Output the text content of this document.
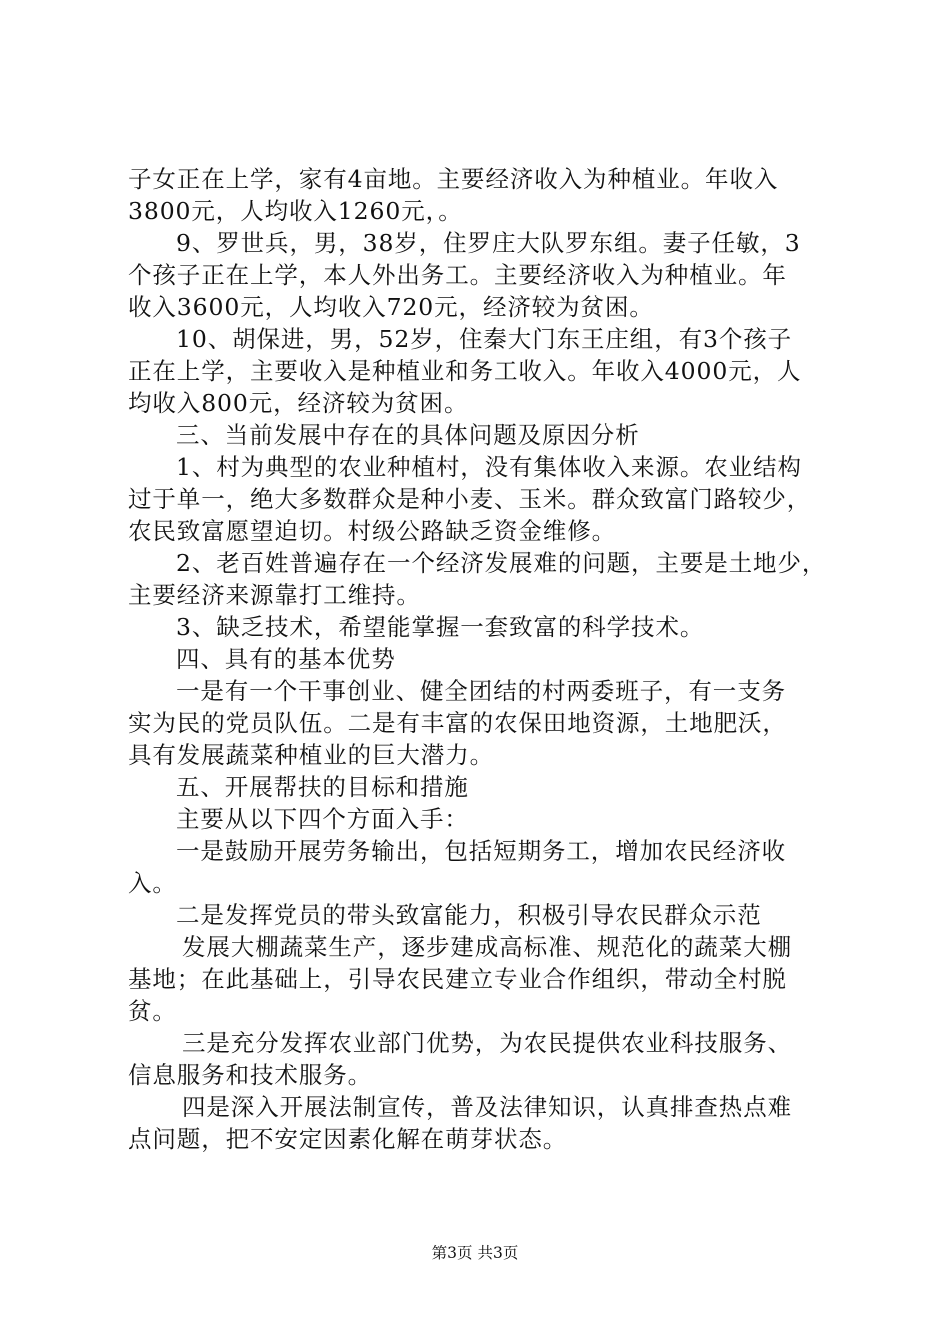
子女正在上学，家有4亩地。主要经济收入为种植业。年收入
3800元，人均收入1260元，。
9、罗世兵，男，38岁，住罗庄大队罗东组。妻子任敏，3
个孩子正在上学，本人外出务工。主要经济收入为种植业。年
收入3600元，人均收入720元，经济较为贫困。
10、胡保进，男，52岁，住秦大门东王庄组，有3个孩子
正在上学，主要收入是种植业和务工收入。年收入4000元，人
均收入800元，经济较为贫困。
三、当前发展中存在的具体问题及原因分析
1、村为典型的农业种植村，没有集体收入来源。农业结构
过于单一，绝大多数群众是种小麦、玉米。群众致富门路较少，
农民致富愿望迫切。村级公路缺乏资金维修。
2、老百姓普遍存在一个经济发展难的问题，主要是土地少，
主要经济来源靠打工维持。
3、缺乏技术，希望能掌握一套致富的科学技术。
四、具有的基本优势
一是有一个干事创业、健全团结的村两委班子，有一支务
实为民的党员队伍。二是有丰富的农保田地资源，土地肥沃，
具有发展蔬菜种植业的巨大潜力。
五、开展帮扶的目标和措施
主要从以下四个方面入手：
一是鼓励开展劳务输出，包括短期务工，增加农民经济收
入。
二是发挥党员的带头致富能力，积极引导农民群众示范
发展大棚蔬菜生产，逐步建成高标准、规范化的蔬菜大棚
基地；在此基础上，引导农民建立专业合作组织，带动全村脱
贫。
三是充分发挥农业部门优势，为农民提供农业科技服务、
信息服务和技术服务。
四是深入开展法制宣传，普及法律知识，认真排查热点难
点问题，把不安定因素化解在萌芽状态。
第3页 共3页
